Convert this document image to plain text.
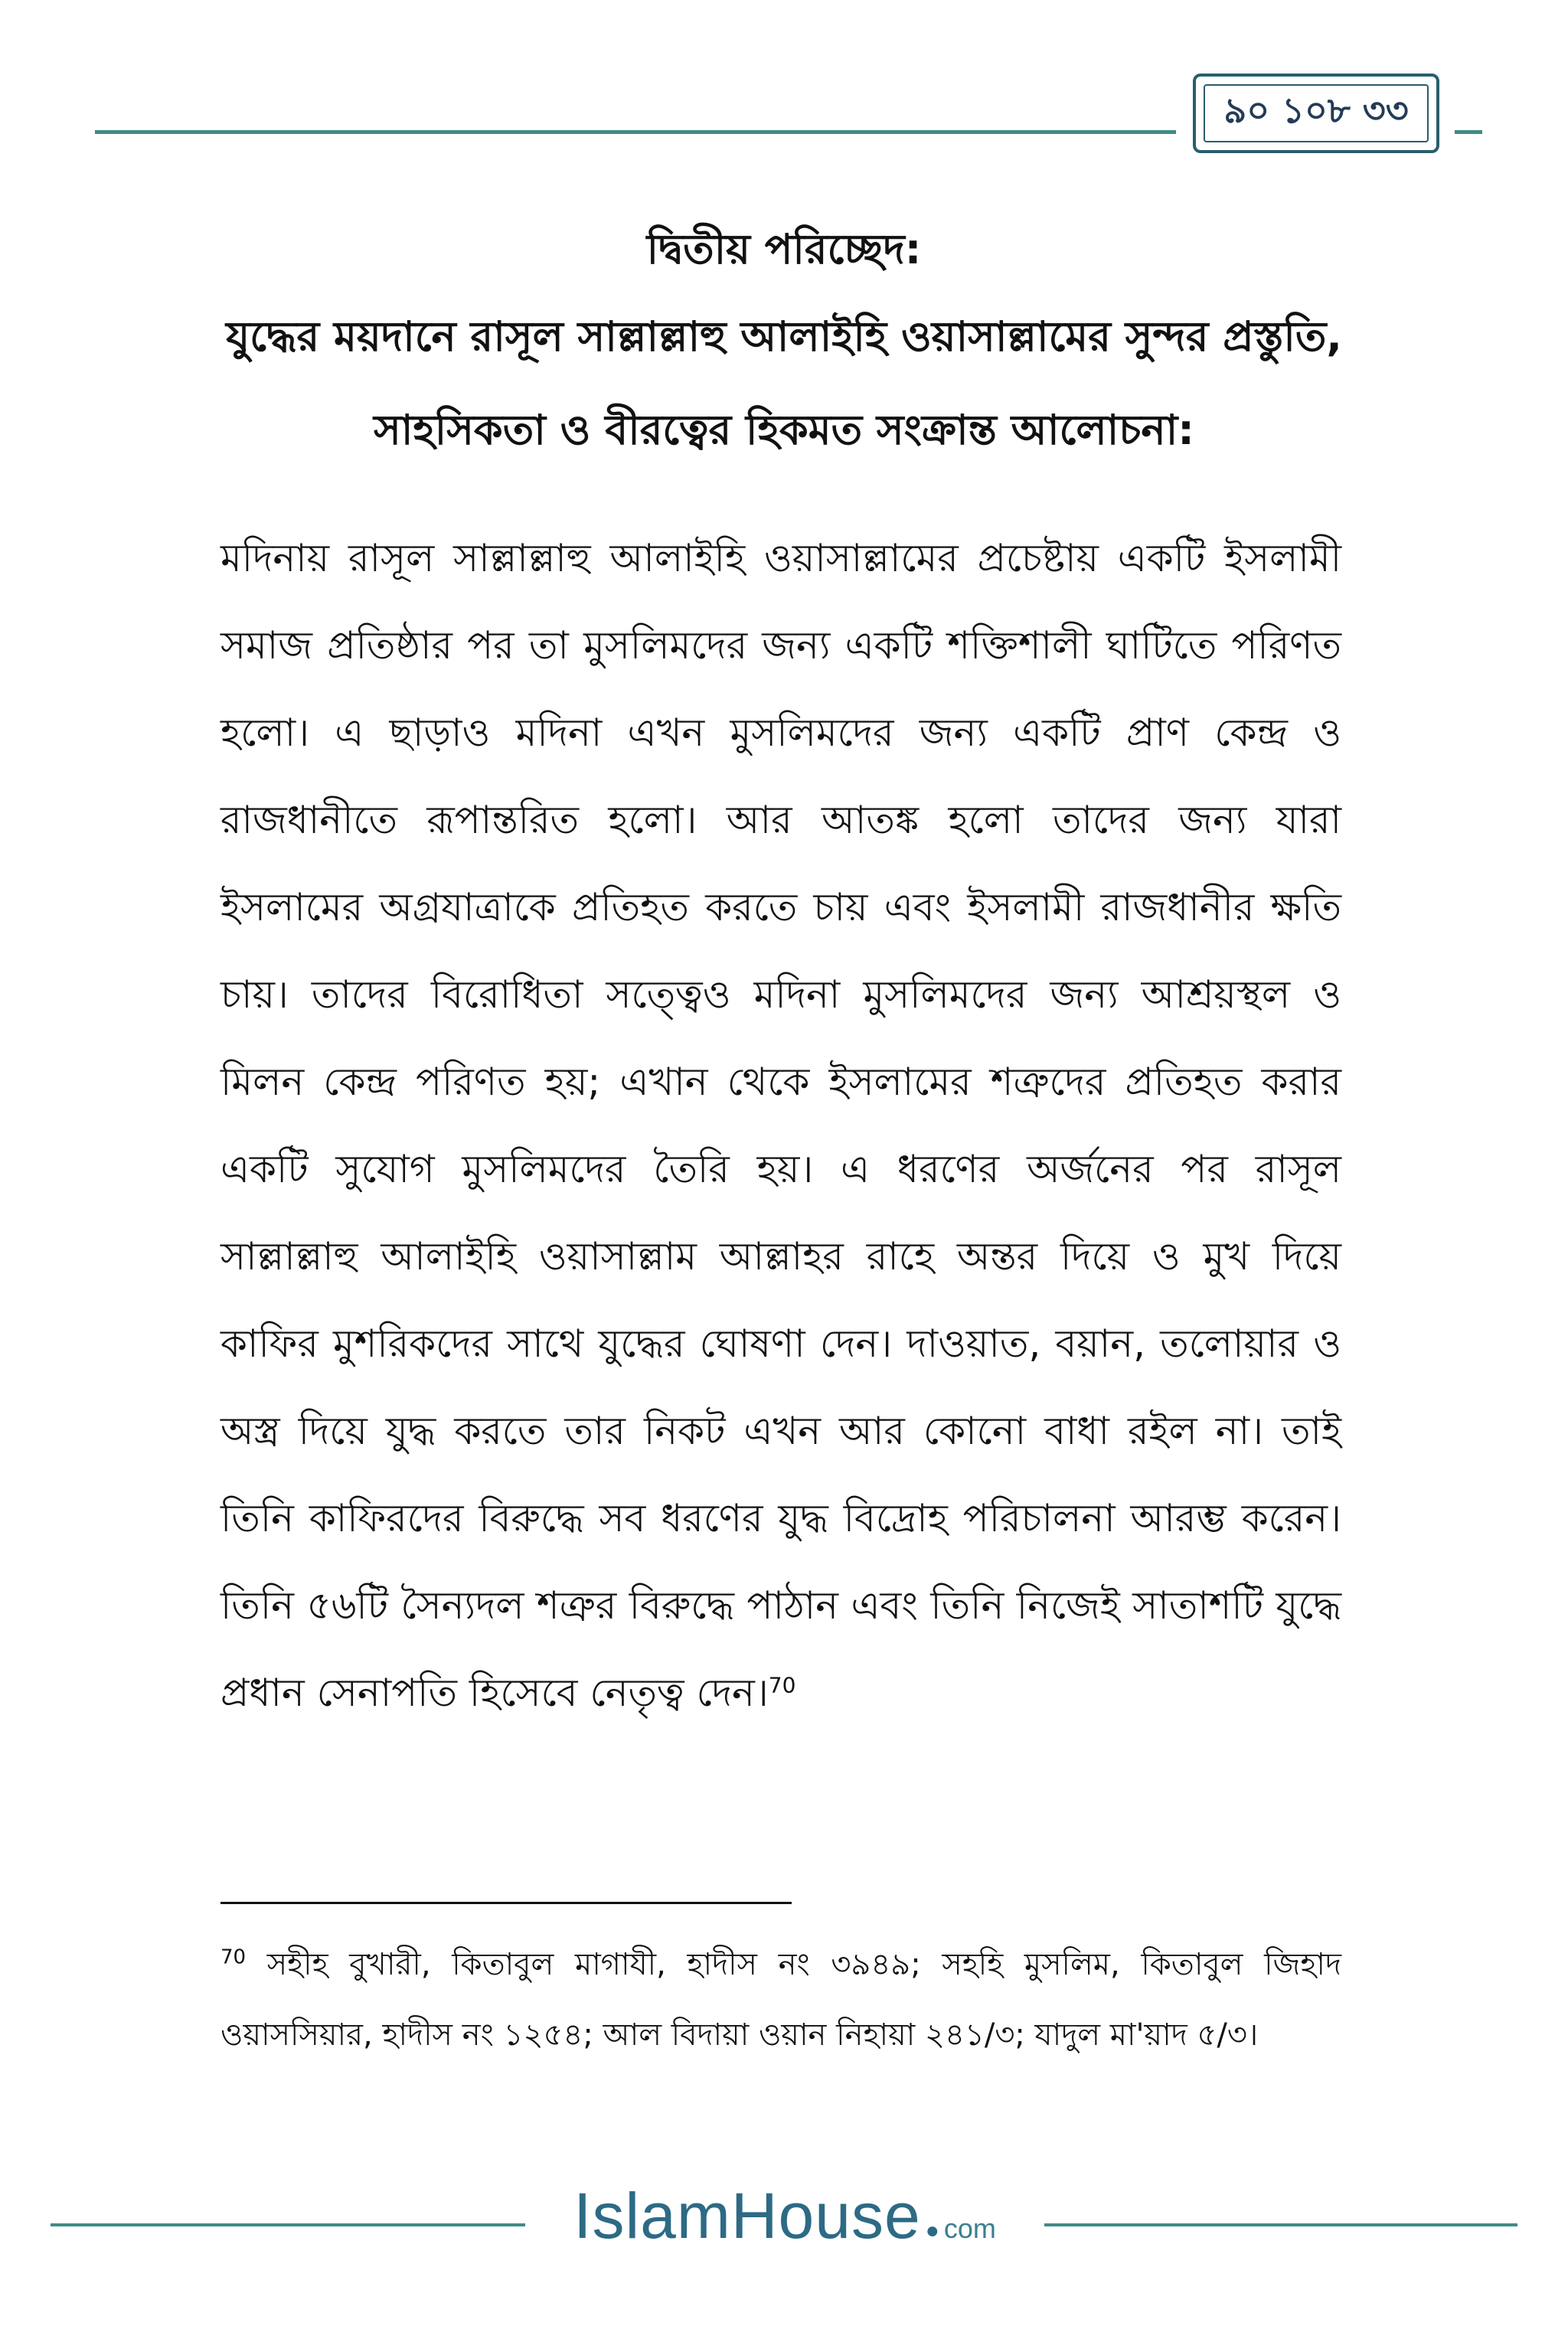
৯০ ১০৮ ৩৩
দ্বিতীয় পরিচ্ছেদ:
যুদ্ধের ময়দানে রাসূল সাল্লাল্লাহু আলাইহি ওয়াসাল্লামের সুন্দর প্রস্তুতি,
সাহসিকতা ও বীরত্বের হিকমত সংক্রান্ত আলোচনা:

মদিনায় রাসূল সাল্লাল্লাহু আলাইহি ওয়াসাল্লামের প্রচেষ্টায় একটি ইসলামী সমাজ প্রতিষ্ঠার পর তা মুসলিমদের জন্য একটি শক্তিশালী ঘাটিতে পরিণত হলো। এ ছাড়াও মদিনা এখন মুসলিমদের জন্য একটি প্রাণ কেন্দ্র ও রাজধানীতে রূপান্তরিত হলো। আর আতঙ্ক হলো তাদের জন্য যারা ইসলামের অগ্রযাত্রাকে প্রতিহত করতে চায় এবং ইসলামী রাজধানীর ক্ষতি চায়। তাদের বিরোধিতা সত্ত্বেও মদিনা মুসলিমদের জন্য আশ্রয়স্থল ও মিলন কেন্দ্র পরিণত হয়; এখান থেকে ইসলামের শত্রুদের প্রতিহত করার একটি সুযোগ মুসলিমদের তৈরি হয়। এ ধরণের অর্জনের পর রাসূল সাল্লাল্লাহু আলাইহি ওয়াসাল্লাম আল্লাহর রাহে অন্তর দিয়ে ও মুখ দিয়ে কাফির মুশরিকদের সাথে যুদ্ধের ঘোষণা দেন। দাওয়াত, বয়ান, তলোয়ার ও অস্ত্র দিয়ে যুদ্ধ করতে তার নিকট এখন আর কোনো বাধা রইল না। তাই তিনি কাফিরদের বিরুদ্ধে সব ধরণের যুদ্ধ বিদ্রোহ পরিচালনা আরম্ভ করেন। তিনি ৫৬টি সৈন্যদল শত্রুর বিরুদ্ধে পাঠান এবং তিনি নিজেই সাতাশটি যুদ্ধে প্রধান সেনাপতি হিসেবে নেতৃত্ব দেন।$^{70}$

$^{70}$ সহীহ বুখারী, কিতাবুল মাগাযী, হাদীস নং ৩৯৪৯; সহহি মুসলিম, কিতাবুল জিহাদ ওয়াসসিয়ার, হাদীস নং ১২৫৪; আল বিদায়া ওয়ান নিহায়া ২৪১/৩; যাদুল মা'য়াদ ৫/৩।

IslamHouse ● com
